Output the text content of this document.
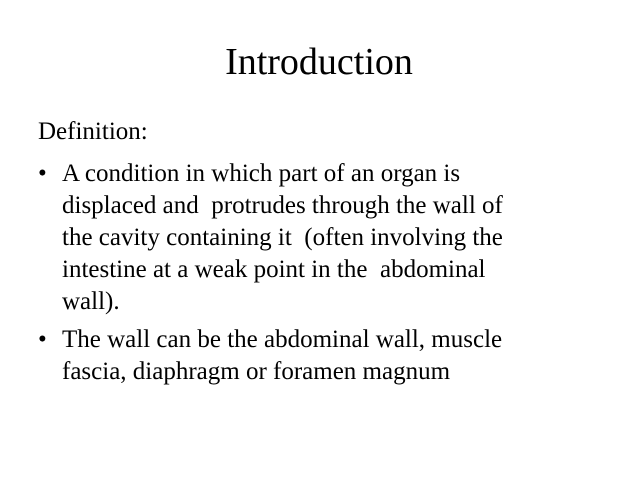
Introduction
Definition:
• A condition in which part of an organ is
displaced and  protrudes through the wall of
the cavity containing it  (often involving the
intestine at a weak point in the  abdominal
wall).
• The wall can be the abdominal wall, muscle
fascia, diaphragm or foramen magnum
